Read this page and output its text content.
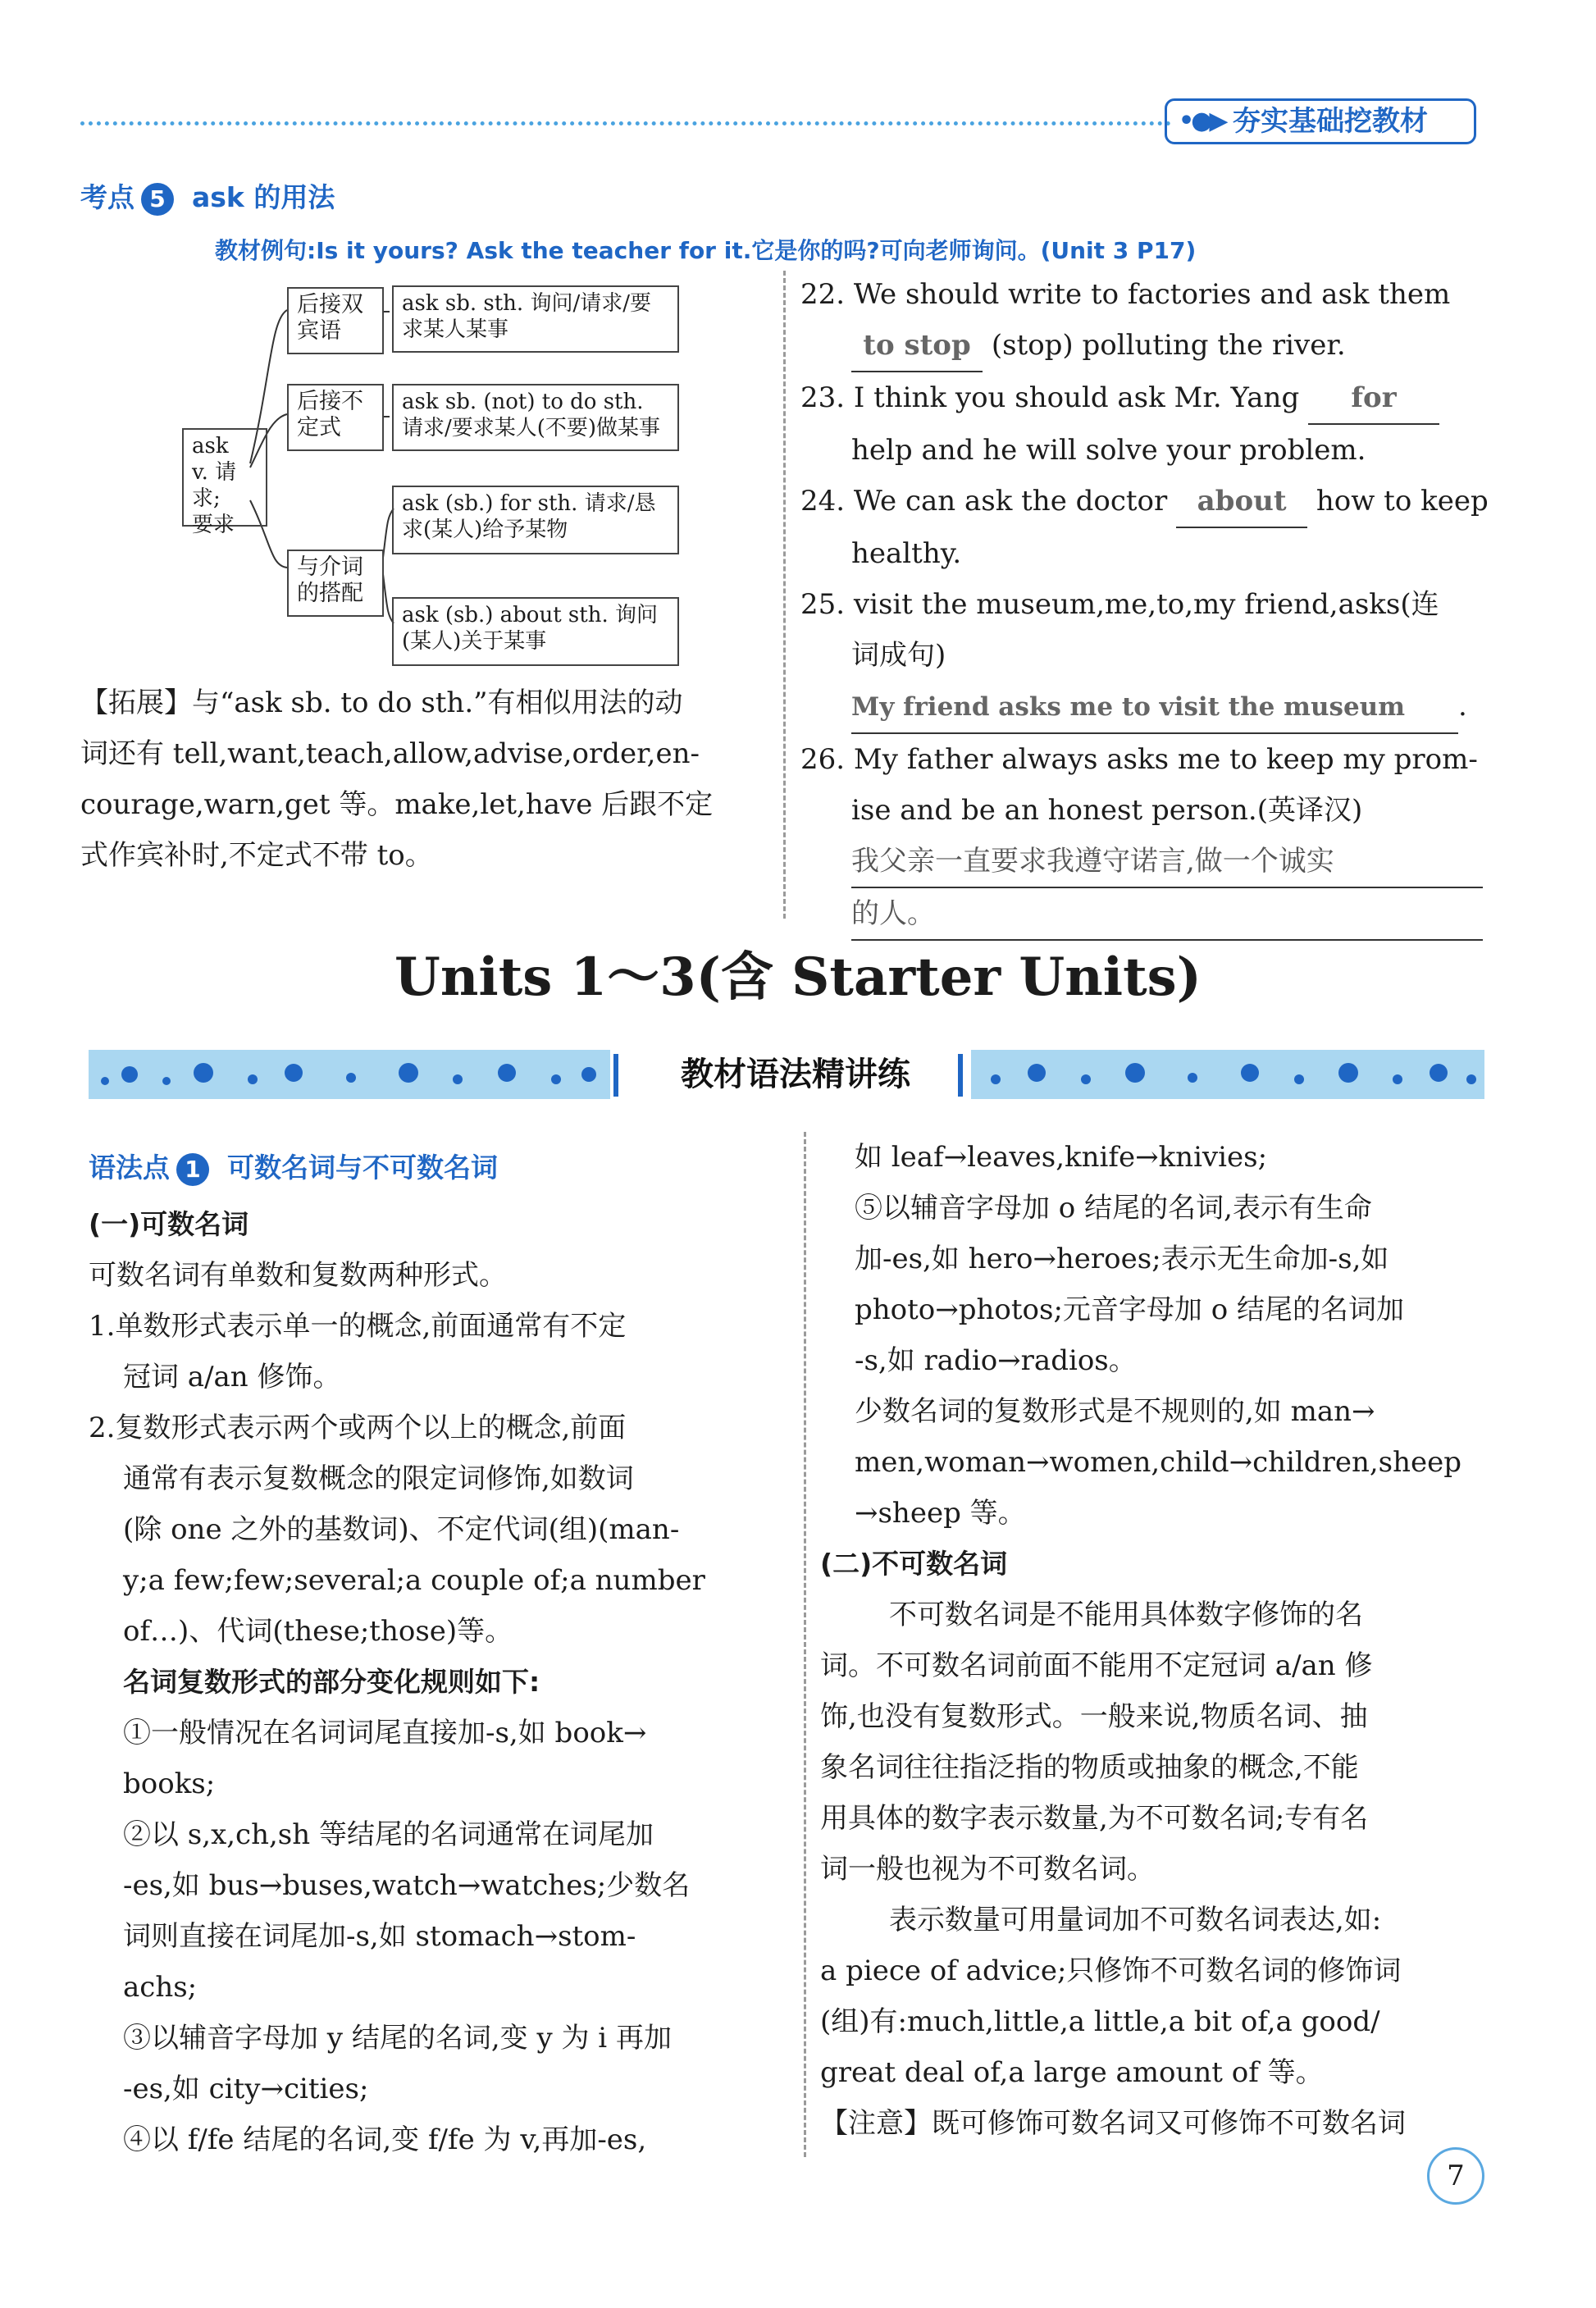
•●▶ 夯实基础挖教材
考点 5 ask 的用法
教材例句:Is it yours? Ask the teacher for it.它是你的吗?可向老师询问。(Unit 3 P17)
ask
v. 请求;
要求
后接双宾语
后接不定式
与介词的搭配
ask sb. sth. 询问/请求/要求某人某事
ask sb. (not) to do sth. 请求/要求某人(不要)做某事
ask (sb.) for sth. 请求/恳求(某人)给予某物
ask (sb.) about sth. 询问(某人)关于某事
【拓展】与“ask sb. to do sth.”有相似用法的动
词还有 tell,want,teach,allow,advise,order,en-
courage,warn,get 等。make,let,have 后跟不定
式作宾补时,不定式不带 to。
22. We should write to factories and ask them
to stop (stop) polluting the river.
23. I think you should ask Mr. Yang for
help and he will solve your problem.
24. We can ask the doctor about how to keep
healthy.
25. visit the museum,me,to,my friend,asks(连
词成句)
My friend asks me to visit the museum .
26. My father always asks me to keep my prom-
ise and be an honest person.(英译汉)
我父亲一直要求我遵守诺言,做一个诚实
的人。
Units 1～3(含 Starter Units)
教材语法精讲练
语法点 1 可数名词与不可数名词
(一)可数名词
可数名词有单数和复数两种形式。
1.单数形式表示单一的概念,前面通常有不定
冠词 a/an 修饰。
2.复数形式表示两个或两个以上的概念,前面
通常有表示复数概念的限定词修饰,如数词
(除 one 之外的基数词)、不定代词(组)(man-
y;a few;few;several;a couple of;a number
of…)、代词(these;those)等。
名词复数形式的部分变化规则如下:
①一般情况在名词词尾直接加-s,如 book→
books;
②以 s,x,ch,sh 等结尾的名词通常在词尾加
-es,如 bus→buses,watch→watches;少数名
词则直接在词尾加-s,如 stomach→stom-
achs;
③以辅音字母加 y 结尾的名词,变 y 为 i 再加
-es,如 city→cities;
④以 f/fe 结尾的名词,变 f/fe 为 v,再加-es,
如 leaf→leaves,knife→knivies;
⑤以辅音字母加 o 结尾的名词,表示有生命
加-es,如 hero→heroes;表示无生命加-s,如
photo→photos;元音字母加 o 结尾的名词加
-s,如 radio→radios。
少数名词的复数形式是不规则的,如 man→
men,woman→women,child→children,sheep
→sheep 等。
(二)不可数名词
不可数名词是不能用具体数字修饰的名
词。不可数名词前面不能用不定冠词 a/an 修
饰,也没有复数形式。一般来说,物质名词、抽
象名词往往指泛指的物质或抽象的概念,不能
用具体的数字表示数量,为不可数名词;专有名
词一般也视为不可数名词。
表示数量可用量词加不可数名词表达,如:
a piece of advice;只修饰不可数名词的修饰词
(组)有:much,little,a little,a bit of,a good/
great deal of,a large amount of 等。
【注意】既可修饰可数名词又可修饰不可数名词
7
